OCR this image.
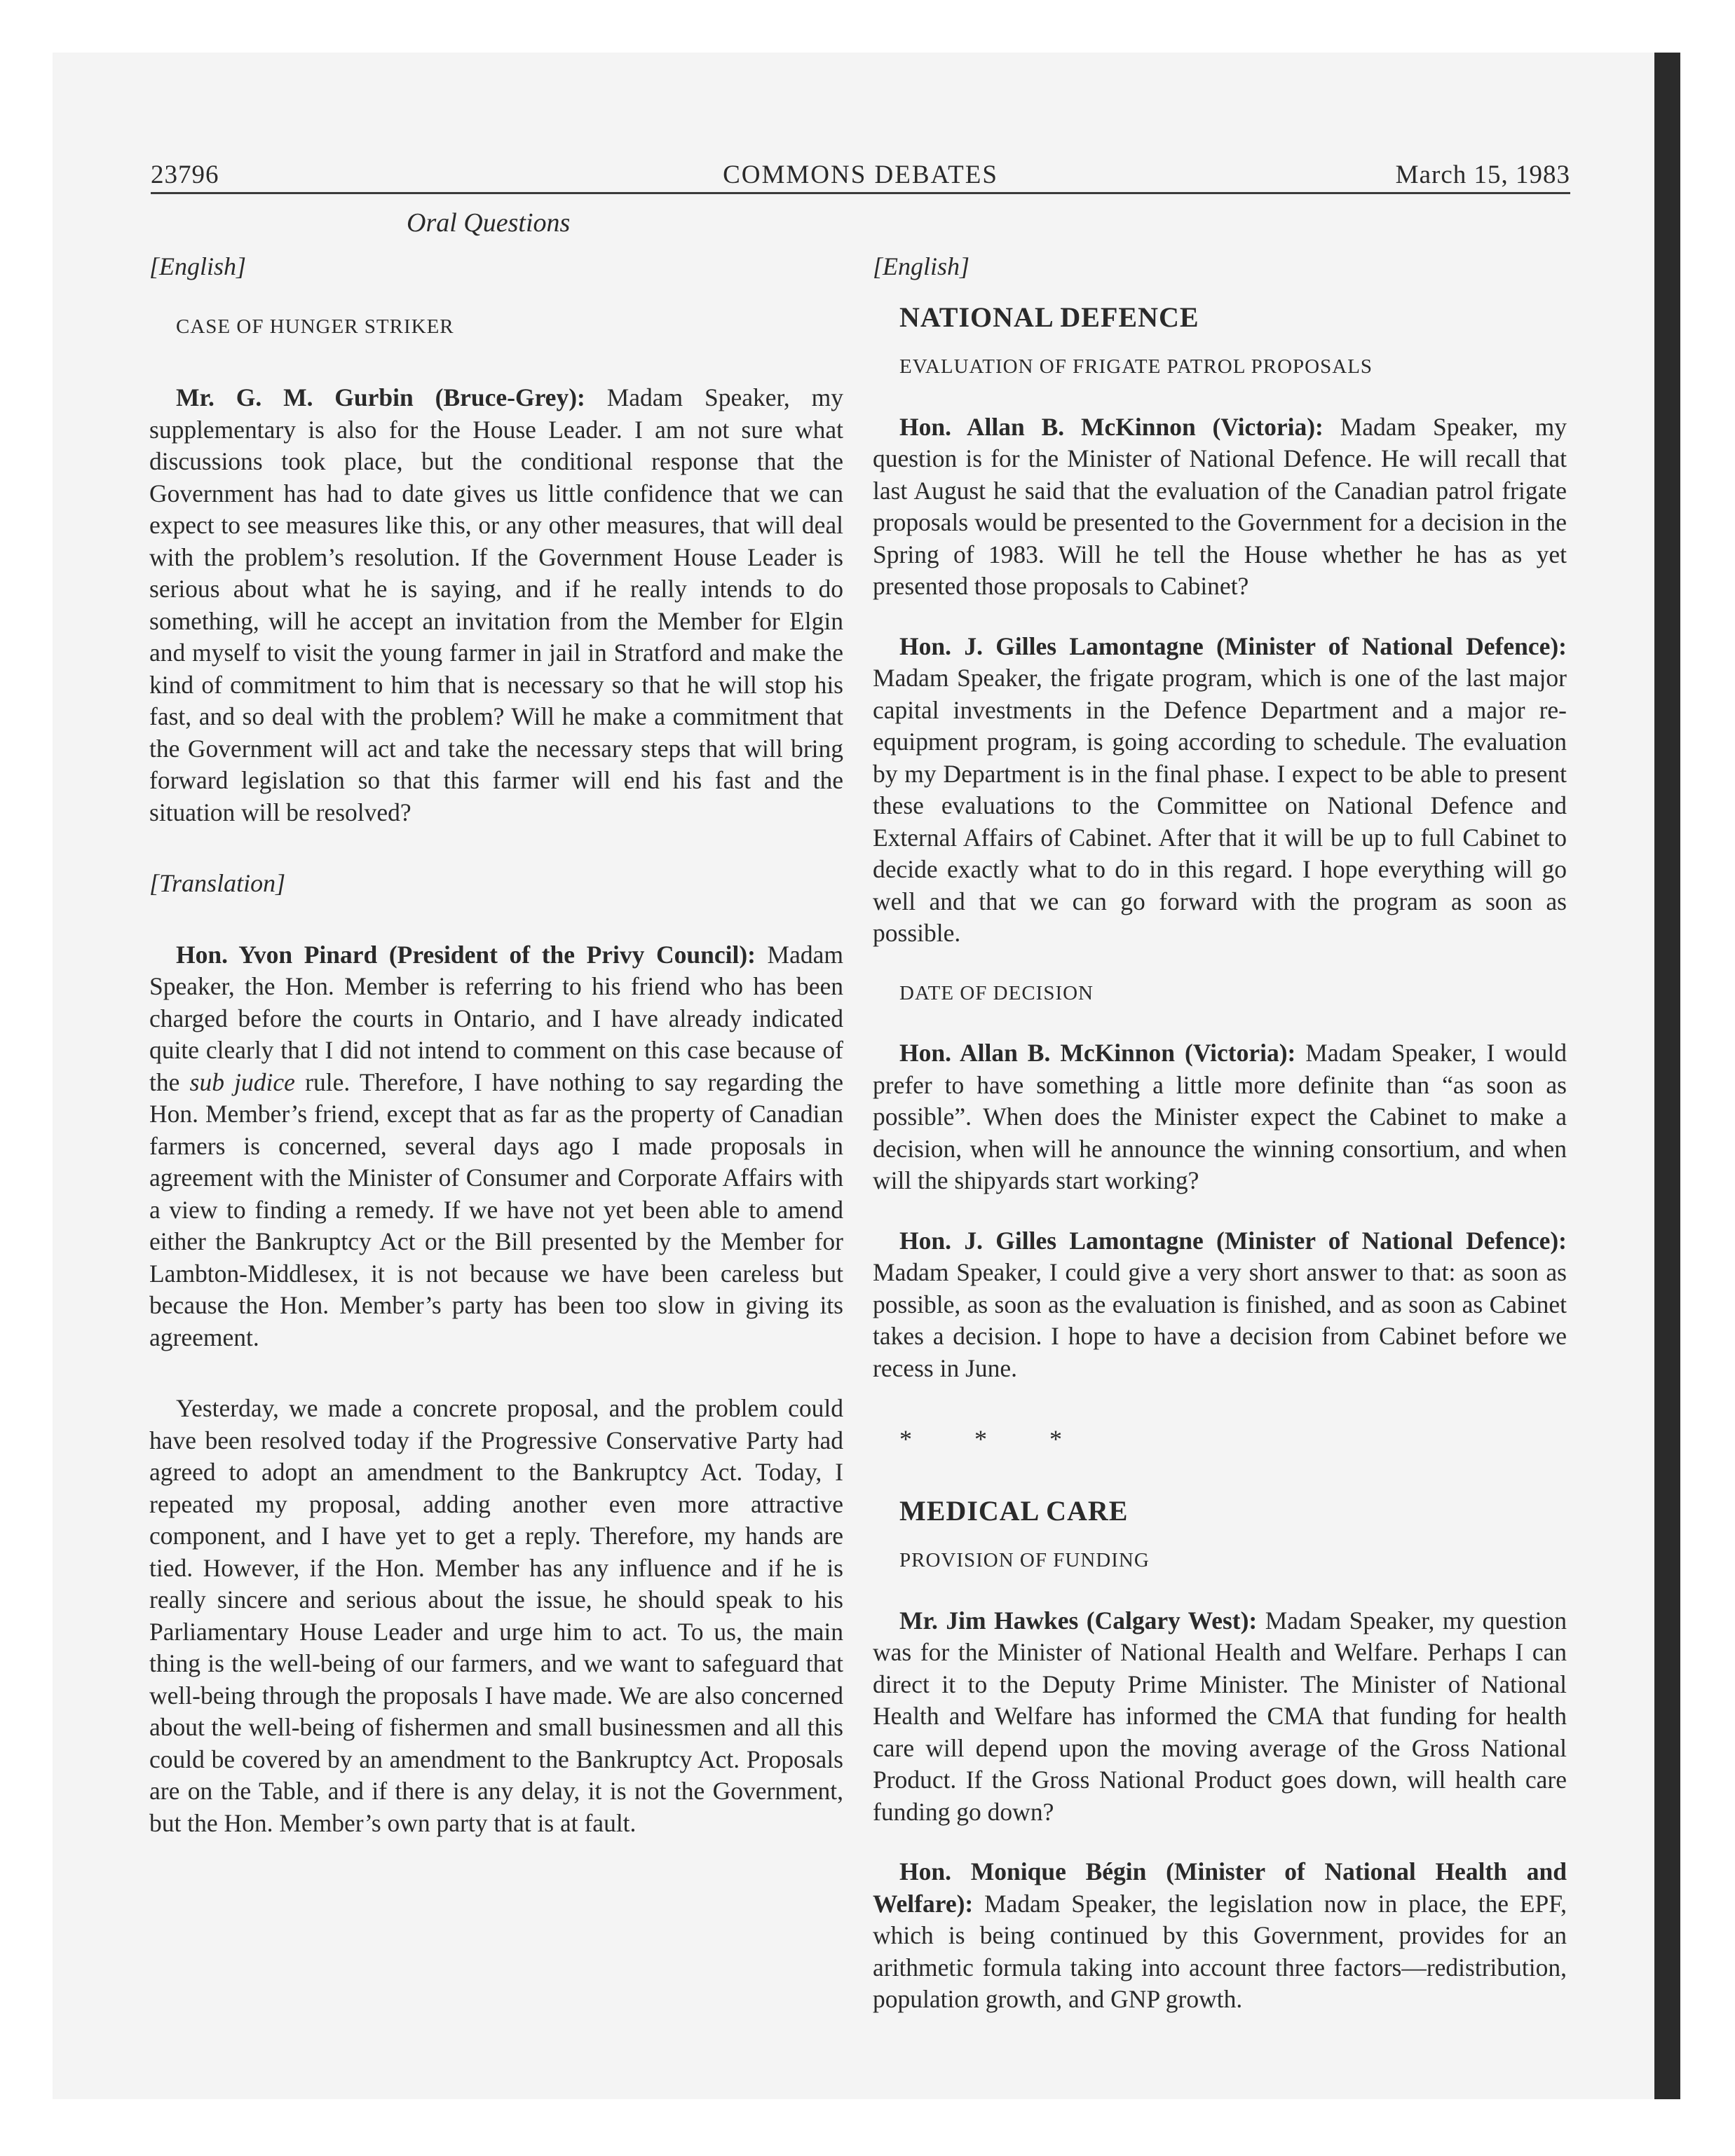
23796	COMMONS DEBATES	March 15, 1983
Oral Questions

[English]

CASE OF HUNGER STRIKER

Mr. G. M. Gurbin (Bruce-Grey): Madam Speaker, my supplementary is also for the House Leader. I am not sure what discussions took place, but the conditional response that the Government has had to date gives us little confidence that we can expect to see measures like this, or any other measures, that will deal with the problem’s resolution. If the Government House Leader is serious about what he is saying, and if he really intends to do something, will he accept an invitation from the Member for Elgin and myself to visit the young farmer in jail in Stratford and make the kind of commitment to him that is necessary so that he will stop his fast, and so deal with the problem? Will he make a commitment that the Government will act and take the necessary steps that will bring forward legislation so that this farmer will end his fast and the situation will be resolved?

[Translation]

Hon. Yvon Pinard (President of the Privy Council): Madam Speaker, the Hon. Member is referring to his friend who has been charged before the courts in Ontario, and I have already indicated quite clearly that I did not intend to comment on this case because of the sub judice rule. Therefore, I have nothing to say regarding the Hon. Member’s friend, except that as far as the property of Canadian farmers is concerned, several days ago I made proposals in agreement with the Minister of Consumer and Corporate Affairs with a view to finding a remedy. If we have not yet been able to amend either the Bankruptcy Act or the Bill presented by the Member for Lambton-Middlesex, it is not because we have been careless but because the Hon. Member’s party has been too slow in giving its agreement.

Yesterday, we made a concrete proposal, and the problem could have been resolved today if the Progressive Conservative Party had agreed to adopt an amendment to the Bankruptcy Act. Today, I repeated my proposal, adding another even more attractive component, and I have yet to get a reply. Therefore, my hands are tied. However, if the Hon. Member has any influence and if he is really sincere and serious about the issue, he should speak to his Parliamentary House Leader and urge him to act. To us, the main thing is the well-being of our farmers, and we want to safeguard that well-being through the proposals I have made. We are also concerned about the well-being of fishermen and small businessmen and all this could be covered by an amendment to the Bankruptcy Act. Proposals are on the Table, and if there is any delay, it is not the Government, but the Hon. Member’s own party that is at fault.

[English]

NATIONAL DEFENCE

EVALUATION OF FRIGATE PATROL PROPOSALS

Hon. Allan B. McKinnon (Victoria): Madam Speaker, my question is for the Minister of National Defence. He will recall that last August he said that the evaluation of the Canadian patrol frigate proposals would be presented to the Government for a decision in the Spring of 1983. Will he tell the House whether he has as yet presented those proposals to Cabinet?

Hon. J. Gilles Lamontagne (Minister of National Defence): Madam Speaker, the frigate program, which is one of the last major capital investments in the Defence Department and a major re-equipment program, is going according to schedule. The evaluation by my Department is in the final phase. I expect to be able to present these evaluations to the Committee on National Defence and External Affairs of Cabinet. After that it will be up to full Cabinet to decide exactly what to do in this regard. I hope everything will go well and that we can go forward with the program as soon as possible.

DATE OF DECISION

Hon. Allan B. McKinnon (Victoria): Madam Speaker, I would prefer to have something a little more definite than “as soon as possible”. When does the Minister expect the Cabinet to make a decision, when will he announce the winning consortium, and when will the shipyards start working?

Hon. J. Gilles Lamontagne (Minister of National Defence): Madam Speaker, I could give a very short answer to that: as soon as possible, as soon as the evaluation is finished, and as soon as Cabinet takes a decision. I hope to have a decision from Cabinet before we recess in June.

* * *

MEDICAL CARE

PROVISION OF FUNDING

Mr. Jim Hawkes (Calgary West): Madam Speaker, my question was for the Minister of National Health and Welfare. Perhaps I can direct it to the Deputy Prime Minister. The Minister of National Health and Welfare has informed the CMA that funding for health care will depend upon the moving average of the Gross National Product. If the Gross National Product goes down, will health care funding go down?

Hon. Monique Bégin (Minister of National Health and Welfare): Madam Speaker, the legislation now in place, the EPF, which is being continued by this Government, provides for an arithmetic formula taking into account three factors—redistribution, population growth, and GNP growth.
